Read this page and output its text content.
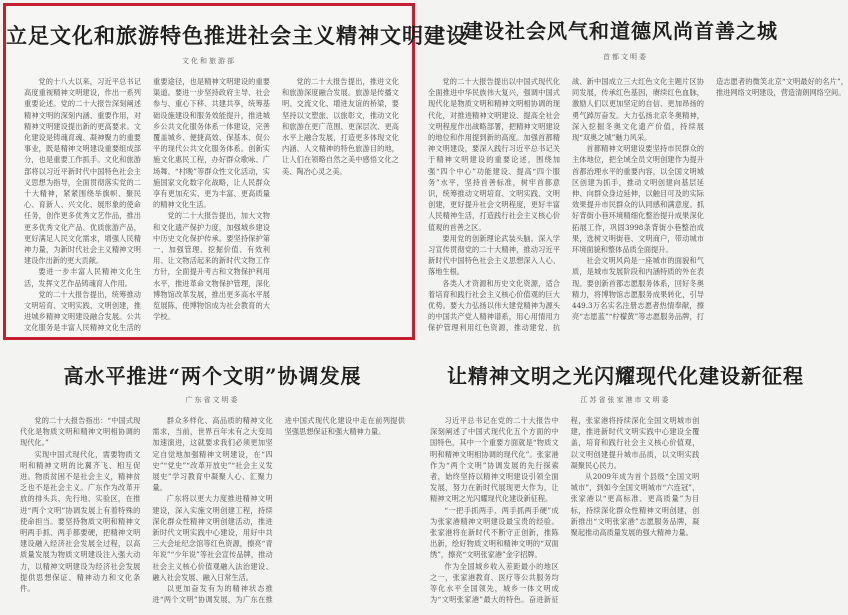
立足文化和旅游特色推进社会主义精神文明建设
文化和旅游部

党的十八大以来，习近平总书记高度重视精神文明建设，作出一系列重要论述。党的二十大报告深刻阐述精神文明的深刻内涵、重要作用，对精神文明建设提出新的更高要求。文化建设是铸魂育魂、凝神聚力的重要事业，既是精神文明建设重要组成部分，也是重要工作抓手。文化和旅游部将以习近平新时代中国特色社会主义思想为指导，全面贯彻落实党的二十大精神，紧紧围绕举旗帜、聚民心、育新人、兴文化、展形象的使命任务，创作更多优秀文艺作品，推出更多优秀文化产品、优质旅游产品，更好满足人民文化需求，增强人民精神力量，为新时代社会主义精神文明建设作出新的更大贡献。

要进一步丰富人民精神文化生活，发挥文艺作品铸魂育人作用。

党的二十大报告提出，统筹推动文明培育、文明实践、文明创建，推进城乡精神文明建设融合发展。公共文化服务是丰富人民精神文化生活的重要途径，也是精神文明建设的重要渠道。要进一步坚持政府主导、社会参与、重心下移、共建共享，统筹基础设施建设和服务效能提升，推进城乡公共文化服务体系一体建设，完善覆盖城乡、便捷高效、保基本、促公平的现代公共文化服务体系。创新实施文化惠民工程，办好群众歌咏、广场舞、“村晚”等群众性文化活动，实施国家文化数字化战略，让人民群众享有更加充实、更为丰富、更高质量的精神文化生活。

党的二十大报告提出，加大文物和文化遗产保护力度，加强城乡建设中历史文化保护传承。要坚持保护第一、加强管理、挖掘价值、有效利用、让文物活起来的新时代文物工作方针，全面提升考古和文物保护利用水平，推进革命文物保护管理，深化博物馆改革发展，推出更多高水平展览展陈，使博物馆成为社会教育的大学校。

党的二十大报告提出，推进文化和旅游深度融合发展。旅游是传播文明、交流文化、增进友谊的桥梁，要坚持以文塑旅、以旅彰文，推动文化和旅游在更广范围、更深层次、更高水平上融合发展，打造更多体现文化内涵、人文精神的特色旅游目的地，让人们在领略自然之美中感悟文化之美、陶冶心灵之美。

建设社会风气和道德风尚首善之城
首都文明委

党的二十大报告提出以中国式现代化全面推进中华民族伟大复兴，强调中国式现代化是物质文明和精神文明相协调的现代化，对推进精神文明建设、提高全社会文明程度作出战略部署，把精神文明建设的地位和作用提到新的高度。加强首都精神文明建设，要深入践行习近平总书记关于精神文明建设的重要论述，围绕加强“四个中心”功能建设、提高“四个服务”水平，坚持首善标准，树牢首都意识，统筹推动文明培育、文明实践、文明创建，更好提升社会文明程度，更好丰富人民精神生活，打造践行社会主义核心价值观的首善之区。

要用党的创新理论武装头脑。深入学习宣传贯彻党的二十大精神，推动习近平新时代中国特色社会主义思想深入人心、落地生根。

各类人才资源和历史文化资源，适合着培育和践行社会主义核心价值观的巨大优势。要大力弘扬以伟大建党精神为源头的中国共产党人精神谱系，用心用情用力保护管理利用红色资源，推动建党、抗战、新中国成立三大红色文化主题片区协同发展，传承红色基因，赓续红色血脉，激励人们以更加坚定的自信、更加昂扬的勇气踔厉奋发。大力弘扬北京冬奥精神，深入挖掘冬奥文化遗产价值，持续展现“双奥之城”魅力风采。

首都精神文明建设要坚持市民群众的主体地位，把全域全员文明创建作为提升首都治理水平的重要内容，以全国文明城区创建为抓手，推动文明创建向基层延伸、向群众身边延伸，以触目可及的实际效果提升市民群众的认同感和满意度。抓好背街小巷环境精细化整治提升成果深化拓展工作，巩固3998条背街小巷整治成果，选树文明街巷、文明商户，带动城市环境面貌和整体品质全面提升。

社会文明风尚是一座城市的面貌和气质，是城市发展阶段和内涵特质的外在表现。要创新首都志愿服务体系，回好冬奥精力，将博物馆志愿服务成果转化，引导449.3万名实名注册志愿者热情奉献，擦亮“志愿蓝”“柠檬黄”等志愿服务品牌，打造志愿者的微笑北京“文明最好的名片”，推进网络文明建设，营造清朗网络空间。

高水平推进“两个文明”协调发展
广东省文明委

党的二十大报告指出：“中国式现代化是物质文明和精神文明相协调的现代化。”

实现中国式现代化，需要物质文明和精神文明的比翼齐飞、相互促进。物质贫困不是社会主义，精神贫乏也不是社会主义。广东作为改革开放的排头兵、先行地、实验区，在推进“两个文明”协调发展上有着特殊的使命担当。要坚持物质文明和精神文明两手抓、两手都要硬，把精神文明建设融入经济社会发展全过程，以高质量发展为物质文明建设注入强大动力，以精神文明建设为经济社会发展提供思想保证、精神动力和文化条件。

群众多样化、高品质的精神文化需求，当前，世界百年未有之大变局加速演进，这就要求我们必须更加坚定自觉地加强精神文明建设，在“四史”“党史”“改革开放史”“社会主义发展史”学习教育中凝聚人心、汇聚力量。

广东将以更大力度推进精神文明建设，深入实施文明创建工程，持续深化群众性精神文明创建活动，推进新时代文明实践中心建设，用好中共三大会址纪念馆等红色资源，擦亮“青年说”“少年说”等社会宣传品牌，推动社会主义核心价值观融入法治建设、融入社会发展、融入日常生活。

以更加奋发有为的精神状态推进“两个文明”协调发展，为广东在推进中国式现代化建设中走在前列提供坚强思想保证和强大精神力量。

让精神文明之光闪耀现代化建设新征程
江苏省张家港市文明委

习近平总书记在党的二十大报告中深刻阐述了中国式现代化五个方面的中国特色，其中一个重要方面就是“物质文明和精神文明相协调的现代化”。张家港作为“两个文明”协调发展的先行探索者，始终坚持以精神文明建设引领全面发展，努力在新时代展现更大作为，让精神文明之光闪耀现代化建设新征程。

“一把手抓两手、两手抓两手硬”成为张家港精神文明建设最宝贵的经验。张家港将在新时代不断守正创新，推陈出新，绘好物质文明和精神文明的“双面绣”，擦亮“文明张家港”金字招牌。

作为全国城乡收入差距最小的地区之一，张家港教育、医疗等公共服务均等化水平全国领先，城乡一体文明成为“文明张家港”最大的特色。奋进新征程，张家港将持续深化全国文明城市创建，推进新时代文明实践中心建设全覆盖，培育和践行社会主义核心价值观，以文明创建提升城市品质，以文明实践凝聚民心民力。

从2009年成为首个县级“全国文明城市”，到如今全国文明城市“六连冠”，张家港以“更高标准、更高质量”为目标，持续深化群众性精神文明创建，创新推出“文明张家港”志愿服务品牌，凝聚起推动高质量发展的强大精神力量。
